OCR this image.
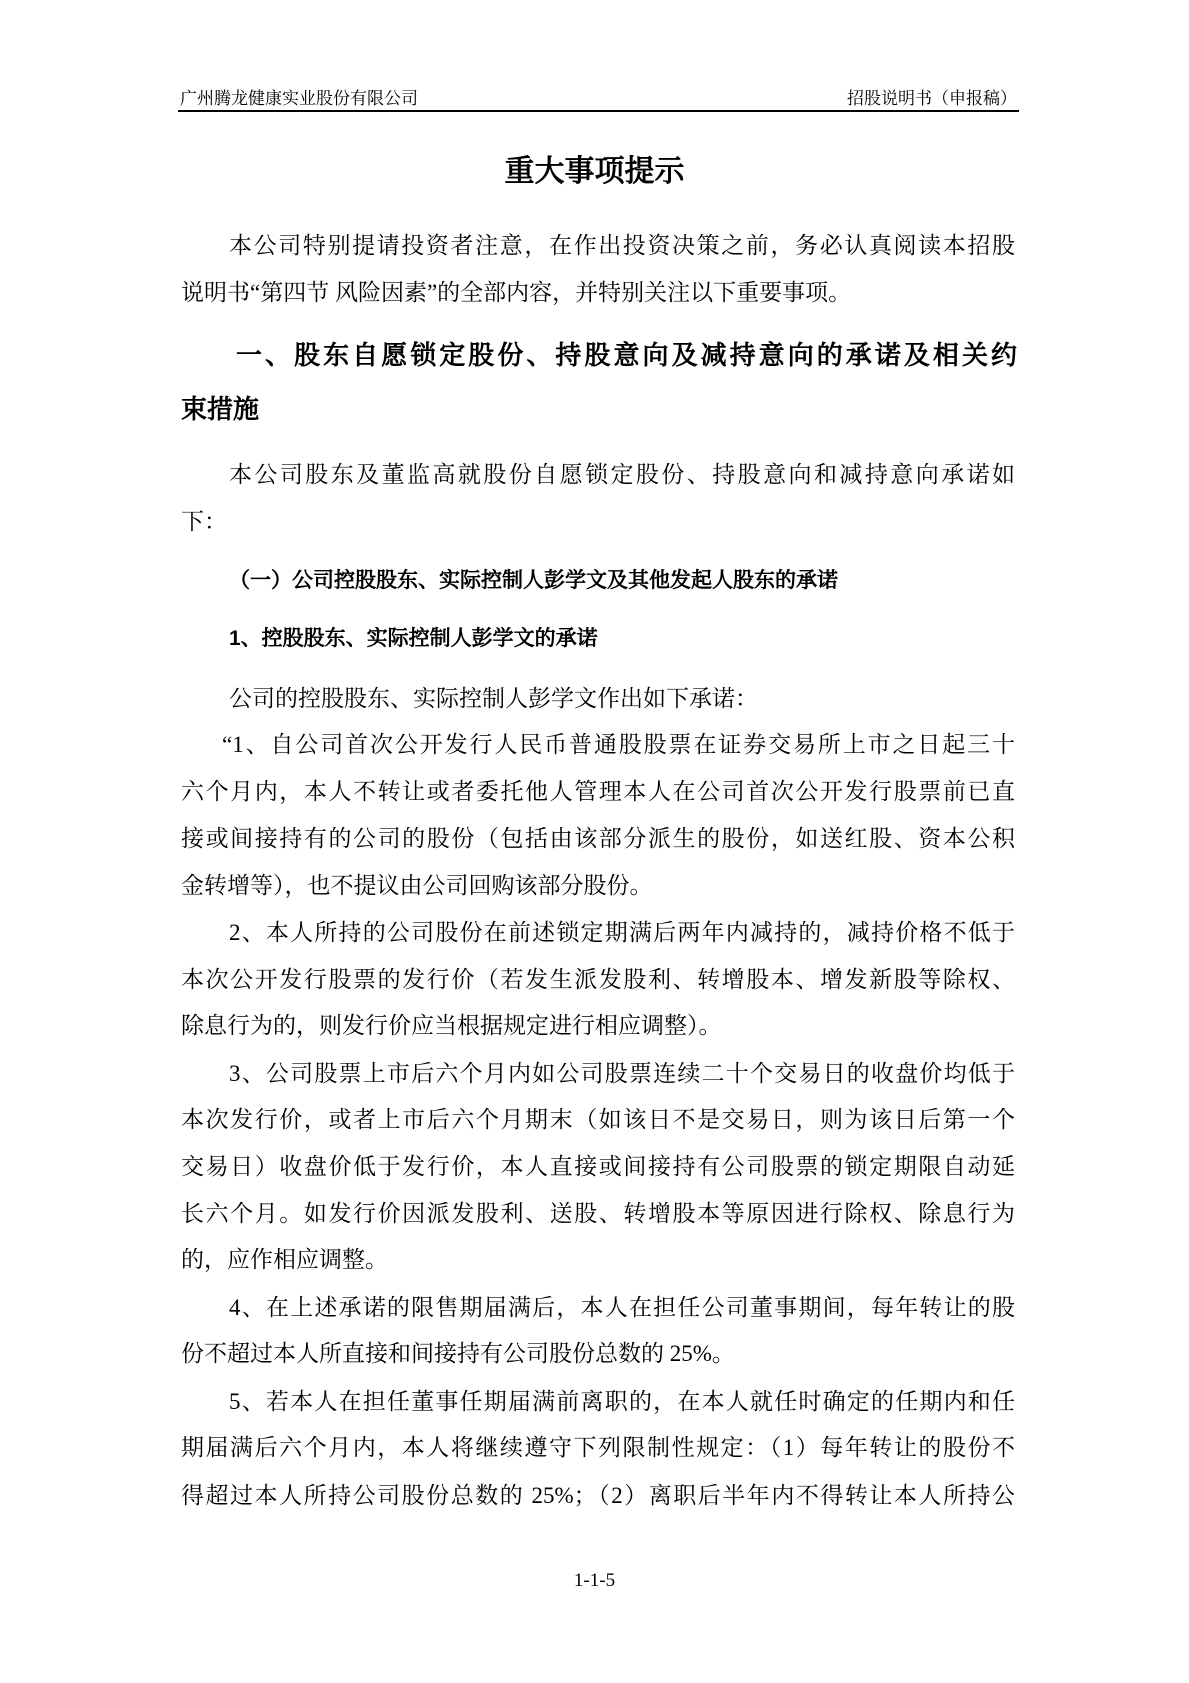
广州腾龙健康实业股份有限公司	招股说明书（申报稿）
重大事项提示
本公司特别提请投资者注意，在作出投资决策之前，务必认真阅读本招股
说明书“第四节 风险因素”的全部内容，并特别关注以下重要事项。
一、股东自愿锁定股份、持股意向及减持意向的承诺及相关约
束措施
本公司股东及董监高就股份自愿锁定股份、持股意向和减持意向承诺如
下：
（一）公司控股股东、实际控制人彭学文及其他发起人股东的承诺
1、控股股东、实际控制人彭学文的承诺
公司的控股股东、实际控制人彭学文作出如下承诺：
“1、自公司首次公开发行人民币普通股股票在证券交易所上市之日起三十
六个月内，本人不转让或者委托他人管理本人在公司首次公开发行股票前已直
接或间接持有的公司的股份（包括由该部分派生的股份，如送红股、资本公积
金转增等），也不提议由公司回购该部分股份。
2、本人所持的公司股份在前述锁定期满后两年内减持的，减持价格不低于
本次公开发行股票的发行价（若发生派发股利、转增股本、增发新股等除权、
除息行为的，则发行价应当根据规定进行相应调整）。
3、公司股票上市后六个月内如公司股票连续二十个交易日的收盘价均低于
本次发行价，或者上市后六个月期末（如该日不是交易日，则为该日后第一个
交易日）收盘价低于发行价，本人直接或间接持有公司股票的锁定期限自动延
长六个月。如发行价因派发股利、送股、转增股本等原因进行除权、除息行为
的，应作相应调整。
4、在上述承诺的限售期届满后，本人在担任公司董事期间，每年转让的股
份不超过本人所直接和间接持有公司股份总数的 25%。
5、若本人在担任董事任期届满前离职的，在本人就任时确定的任期内和任
期届满后六个月内，本人将继续遵守下列限制性规定：（1）每年转让的股份不
得超过本人所持公司股份总数的 25%；（2）离职后半年内不得转让本人所持公
1-1-5
